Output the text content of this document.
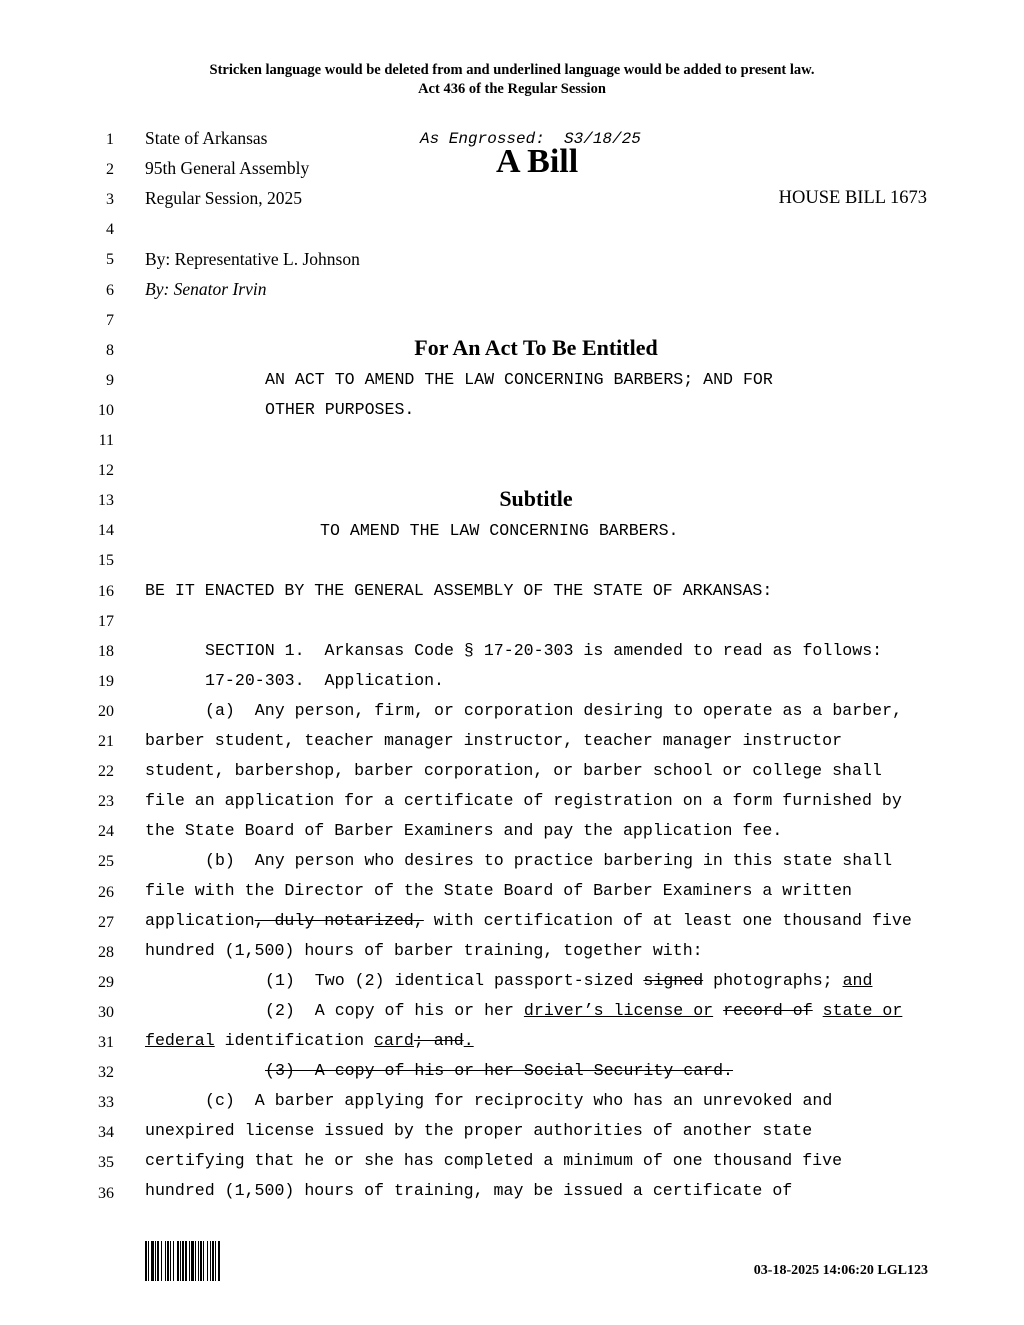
Stricken language would be deleted from and underlined language would be added to present law.
Act 436 of the Regular Session
1
2
3
4
5
6
7
8
9
10
11
12
13
14
15
16
17
18
19
20
21
22
23
24
25
26
27
28
29
30
31
32
33
34
35
36
State of Arkansas	As Engrossed:  S3/18/25
95th General Assembly	A Bill
Regular Session, 2025	HOUSE BILL 1673
By: Representative L. Johnson
By: Senator Irvin
For An Act To Be Entitled
AN ACT TO AMEND THE LAW CONCERNING BARBERS; AND FOR
OTHER PURPOSES.
Subtitle
TO AMEND THE LAW CONCERNING BARBERS.
BE IT ENACTED BY THE GENERAL ASSEMBLY OF THE STATE OF ARKANSAS:
SECTION 1.  Arkansas Code § 17-20-303 is amended to read as follows:
17-20-303.  Application.
(a)  Any person, firm, or corporation desiring to operate as a barber,
barber student, teacher manager instructor, teacher manager instructor
student, barbershop, barber corporation, or barber school or college shall
file an application for a certificate of registration on a form furnished by
the State Board of Barber Examiners and pay the application fee.
(b)  Any person who desires to practice barbering in this state shall
file with the Director of the State Board of Barber Examiners a written
application, duly notarized, with certification of at least one thousand five
hundred (1,500) hours of barber training, together with:
(1)  Two (2) identical passport-sized signed photographs; and
(2)  A copy of his or her driver’s license or record of state or
federal identification card; and.
(3)  A copy of his or her Social Security card.
(c)  A barber applying for reciprocity who has an unrevoked and
unexpired license issued by the proper authorities of another state
certifying that he or she has completed a minimum of one thousand five
hundred (1,500) hours of training, may be issued a certificate of
03-18-2025 14:06:20 LGL123
